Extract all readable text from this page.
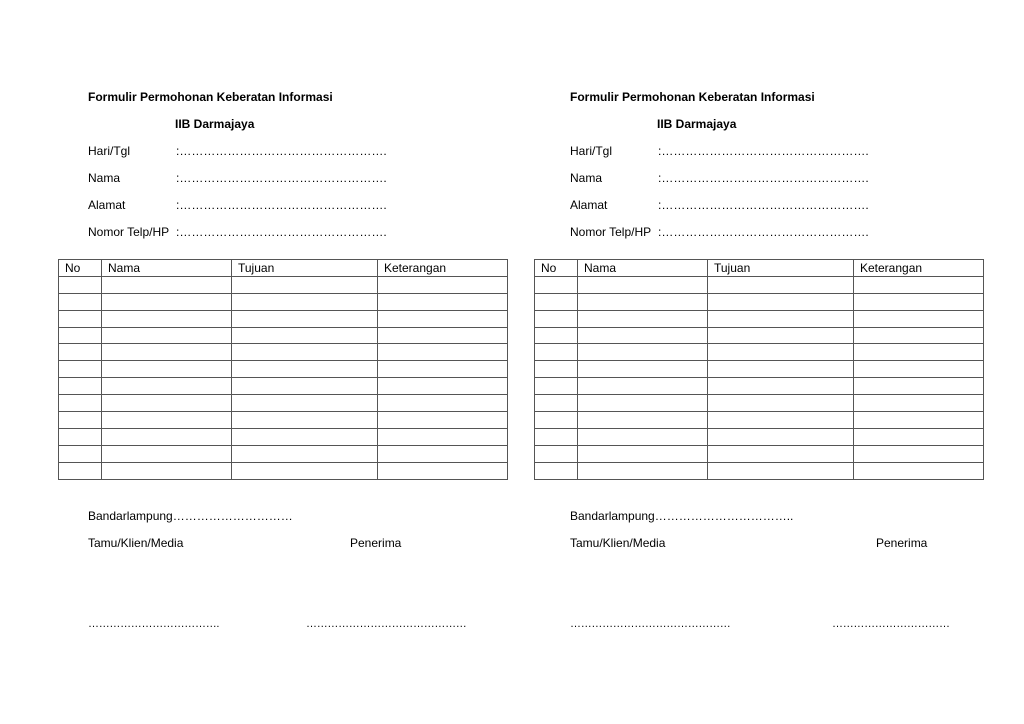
Formulir Permohonan Keberatan Informasi
IIB Darmajaya
Hari/Tgl	:…………………………………………….
Nama	:…………………………………………….
Alamat	:…………………………………………….
Nomor Telp/HP :…………………………………………….
No	Nama	Tujuan	Keterangan

Bandarlampung…………………………
Tamu/Klien/Media	Penerima
……………………………….	………………………………………
Formulir Permohonan Keberatan Informasi
IIB Darmajaya
Hari/Tgl	:…………………………………………….
Nama	:…………………………………………….
Alamat	:…………………………………………….
Nomor Telp/HP :…………………………………………….
No	Nama	Tujuan	Keterangan

Bandarlampung……………………………..
Tamu/Klien/Media	Penerima
………………………………………	……………………………
